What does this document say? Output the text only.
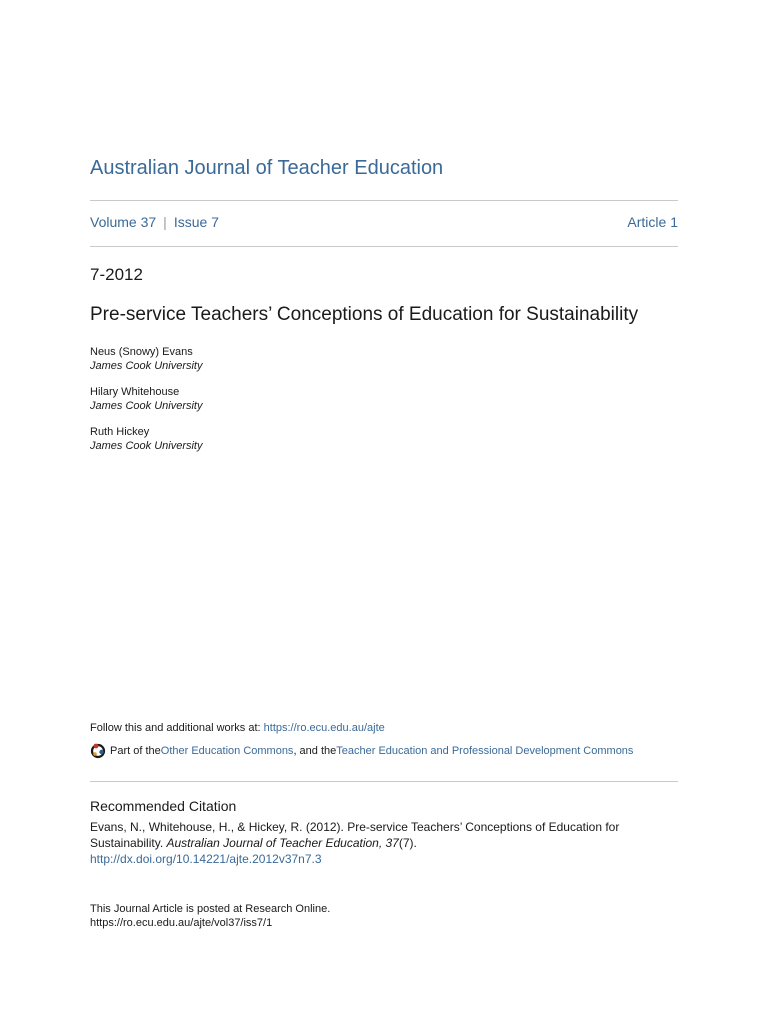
Australian Journal of Teacher Education
Volume 37 | Issue 7	Article 1
7-2012
Pre-service Teachers’ Conceptions of Education for Sustainability
Neus (Snowy) Evans
James Cook University
Hilary Whitehouse
James Cook University
Ruth Hickey
James Cook University
Follow this and additional works at: https://ro.ecu.edu.au/ajte
Part of the Other Education Commons , and the Teacher Education and Professional Development Commons
Recommended Citation
Evans, N., Whitehouse, H., & Hickey, R. (2012). Pre-service Teachers’ Conceptions of Education for Sustainability. Australian Journal of Teacher Education, 37(7).
http://dx.doi.org/10.14221/ajte.2012v37n7.3
This Journal Article is posted at Research Online.
https://ro.ecu.edu.au/ajte/vol37/iss7/1
